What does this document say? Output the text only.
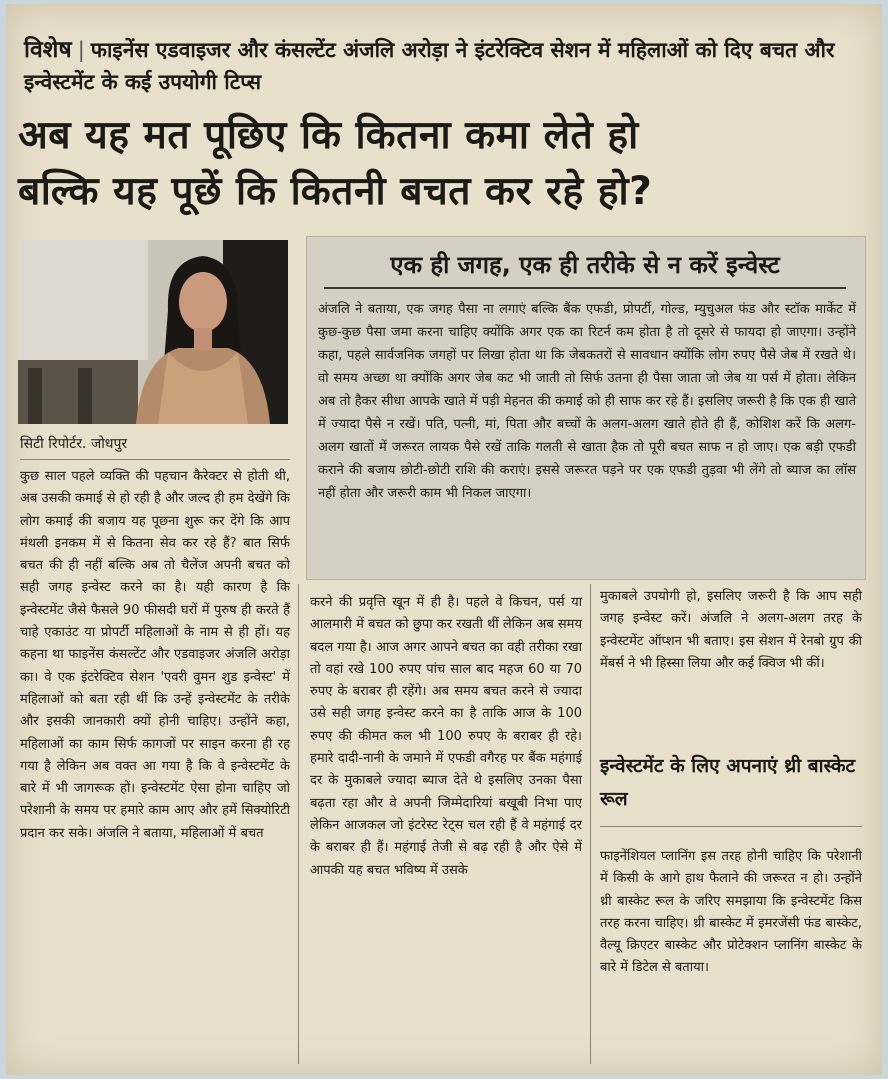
विशेष | फाइनेंस एडवाइजर और कंसल्टेंट अंजलि अरोड़ा ने इंटरेक्टिव सेशन में महिलाओं को दिए बचत और इन्वेस्टमेंट के कई उपयोगी टिप्स
अब यह मत पूछिए कि कितना कमा लेते हो
बल्कि यह पूछें कि कितनी बचत कर रहे हो?
सिटी रिपोर्टर. जोधपुर
एक ही जगह, एक ही तरीके से न करें इन्वेस्ट
अंजलि ने बताया, एक जगह पैसा ना लगाएं बल्कि बैंक एफडी, प्रोपर्टी, गोल्ड, म्युचुअल फंड और स्टॉक मार्केट में कुछ-कुछ पैसा जमा करना चाहिए क्योंकि अगर एक का रिटर्न कम होता है तो दूसरे से फायदा हो जाएगा। उन्होंने कहा, पहले सार्वजनिक जगहों पर लिखा होता था कि जेबकतरों से सावधान क्योंकि लोग रुपए पैसे जेब में रखते थे। वो समय अच्छा था क्योंकि अगर जेब कट भी जाती तो सिर्फ उतना ही पैसा जाता जो जेब या पर्स में होता। लेकिन अब तो हैकर सीधा आपके खाते में पड़ी मेहनत की कमाई को ही साफ कर रहे हैं। इसलिए जरूरी है कि एक ही खाते में ज्यादा पैसे न रखें। पति, पत्नी, मां, पिता और बच्चों के अलग-अलग खाते होते ही हैं, कोशिश करें कि अलग-अलग खातों में जरूरत लायक पैसे रखें ताकि गलती से खाता हैक तो पूरी बचत साफ न हो जाए। एक बड़ी एफडी कराने की बजाय छोटी-छोटी राशि की कराएं। इससे जरूरत पड़ने पर एक एफडी तुड़वा भी लेंगे तो ब्याज का लॉस नहीं होता और जरूरी काम भी निकल जाएगा।
कुछ साल पहले व्यक्ति की पहचान कैरेक्टर से होती थी, अब उसकी कमाई से हो रही है और जल्द ही हम देखेंगे कि लोग कमाई की बजाय यह पूछना शुरू कर देंगे कि आप मंथली इनकम में से कितना सेव कर रहे हैं? बात सिर्फ बचत की ही नहीं बल्कि अब तो चैलेंज अपनी बचत को सही जगह इन्वेस्ट करने का है। यही कारण है कि इन्वेस्टमेंट जैसे फैसले 90 फीसदी घरों में पुरुष ही करते हैं चाहे एकाउंट या प्रोपर्टी महिलाओं के नाम से ही हों। यह कहना था फाइनेंस कंसल्टेंट और एडवाइजर अंजलि अरोड़ा का। वे एक इंटरेक्टिव सेशन 'एवरी वुमन शुड इन्वेस्ट' में महिलाओं को बता रही थीं कि उन्हें इन्वेस्टमेंट के तरीके और इसकी जानकारी क्यों होनी चाहिए। उन्होंने कहा, महिलाओं का काम सिर्फ कागजों पर साइन करना ही रह गया है लेकिन अब वक्त आ गया है कि वे इन्वेस्टमेंट के बारे में भी जागरूक हों। इन्वेस्टमेंट ऐसा होना चाहिए जो परेशानी के समय पर हमारे काम आए और हमें सिक्योरिटी प्रदान कर सके। अंजलि ने बताया, महिलाओं में बचत
करने की प्रवृत्ति खून में ही है। पहले वे किचन, पर्स या आलमारी में बचत को छुपा कर रखती थीं लेकिन अब समय बदल गया है। आज अगर आपने बचत का वही तरीका रखा तो वहां रखे 100 रुपए पांच साल बाद महज 60 या 70 रुपए के बराबर ही रहेंगे। अब समय बचत करने से ज्यादा उसे सही जगह इन्वेस्ट करने का है ताकि आज के 100 रुपए की कीमत कल भी 100 रुपए के बराबर ही रहे। हमारे दादी-नानी के जमाने में एफडी वगैरह पर बैंक महंगाई दर के मुकाबले ज्यादा ब्याज देते थे इसलिए उनका पैसा बढ़ता रहा और वे अपनी जिम्मेदारियां बखूबी निभा पाए लेकिन आजकल जो इंटरेस्ट रेट्स चल रही हैं वे महंगाई दर के बराबर ही हैं। महंगाई तेजी से बढ़ रही है और ऐसे में आपकी यह बचत भविष्य में उसके
मुकाबले उपयोगी हो, इसलिए जरूरी है कि आप सही जगह इन्वेस्ट करें। अंजलि ने अलग-अलग तरह के इन्वेस्टमेंट ऑप्शन भी बताए। इस सेशन में रेनबो ग्रुप की मेंबर्स ने भी हिस्सा लिया और कई क्विज भी कीं।
इन्वेस्टमेंट के लिए अपनाएं थ्री बास्केट रूल
फाइनेंशियल प्लानिंग इस तरह होनी चाहिए कि परेशानी में किसी के आगे हाथ फैलाने की जरूरत न हो। उन्होंने थ्री बास्केट रूल के जरिए समझाया कि इन्वेस्टमेंट किस तरह करना चाहिए। थ्री बास्केट में इमरजेंसी फंड बास्केट, वैल्यू क्रिएटर बास्केट और प्रोटेक्शन प्लानिंग बास्केट के बारे में डिटेल से बताया।
